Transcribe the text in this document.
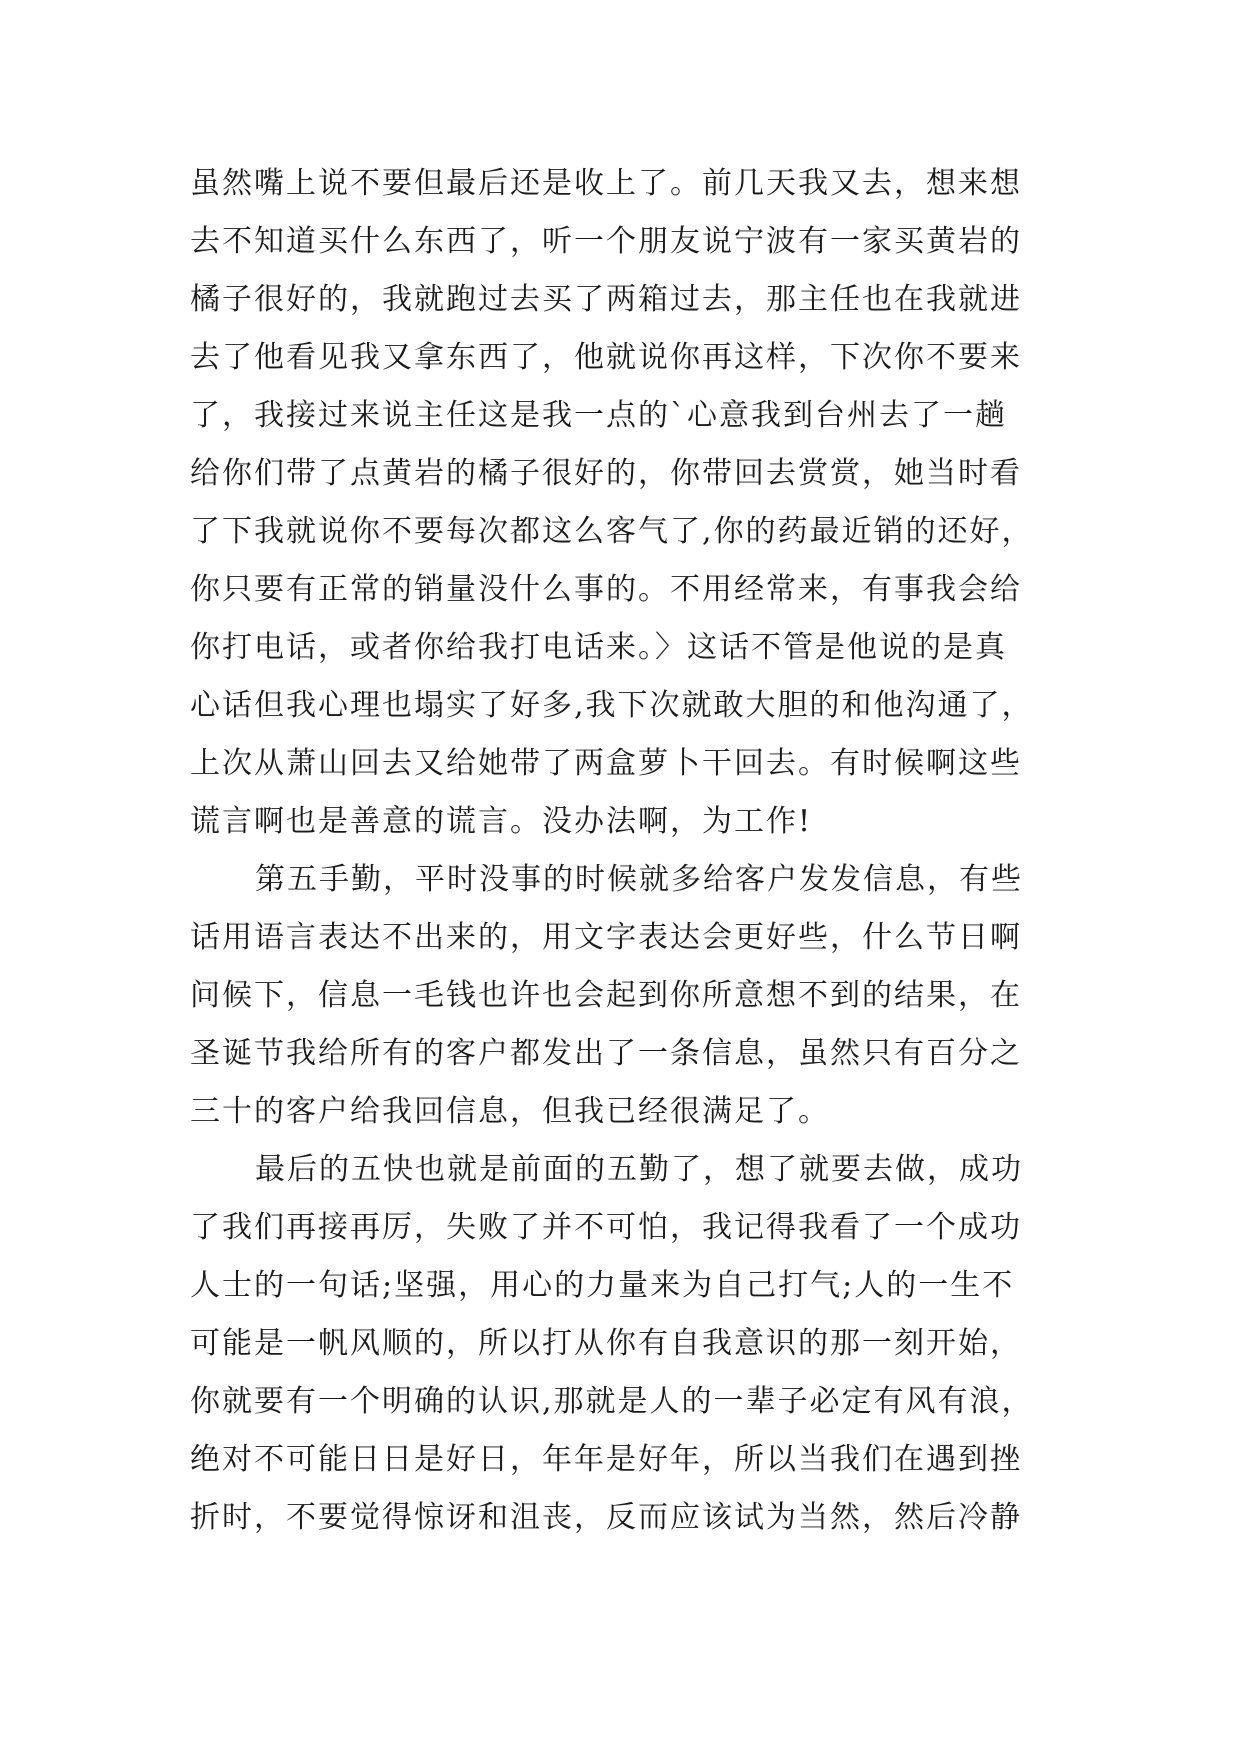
虽然嘴上说不要但最后还是收上了。前几天我又去，想来想
去不知道买什么东西了，听一个朋友说宁波有一家买黄岩的
橘子很好的，我就跑过去买了两箱过去，那主任也在我就进
去了他看见我又拿东西了，他就说你再这样，下次你不要来
了，我接过来说主任这是我一点的`心意我到台州去了一趟
给你们带了点黄岩的橘子很好的，你带回去赏赏，她当时看
了下我就说你不要每次都这么客气了,你的药最近销的还好，
你只要有正常的销量没什么事的。不用经常来，有事我会给
你打电话，或者你给我打电话来。〉这话不管是他说的是真
心话但我心理也塌实了好多,我下次就敢大胆的和他沟通了，
上次从萧山回去又给她带了两盒萝卜干回去。有时候啊这些
谎言啊也是善意的谎言。没办法啊，为工作!
第五手勤，平时没事的时候就多给客户发发信息，有些
话用语言表达不出来的，用文字表达会更好些，什么节日啊
问候下，信息一毛钱也许也会起到你所意想不到的结果，在
圣诞节我给所有的客户都发出了一条信息，虽然只有百分之
三十的客户给我回信息，但我已经很满足了。
最后的五快也就是前面的五勤了，想了就要去做，成功
了我们再接再厉，失败了并不可怕，我记得我看了一个成功
人士的一句话;坚强，用心的力量来为自己打气;人的一生不
可能是一帆风顺的，所以打从你有自我意识的那一刻开始，
你就要有一个明确的认识,那就是人的一辈子必定有风有浪，
绝对不可能日日是好日，年年是好年，所以当我们在遇到挫
折时，不要觉得惊讶和沮丧，反而应该试为当然，然后冷静
